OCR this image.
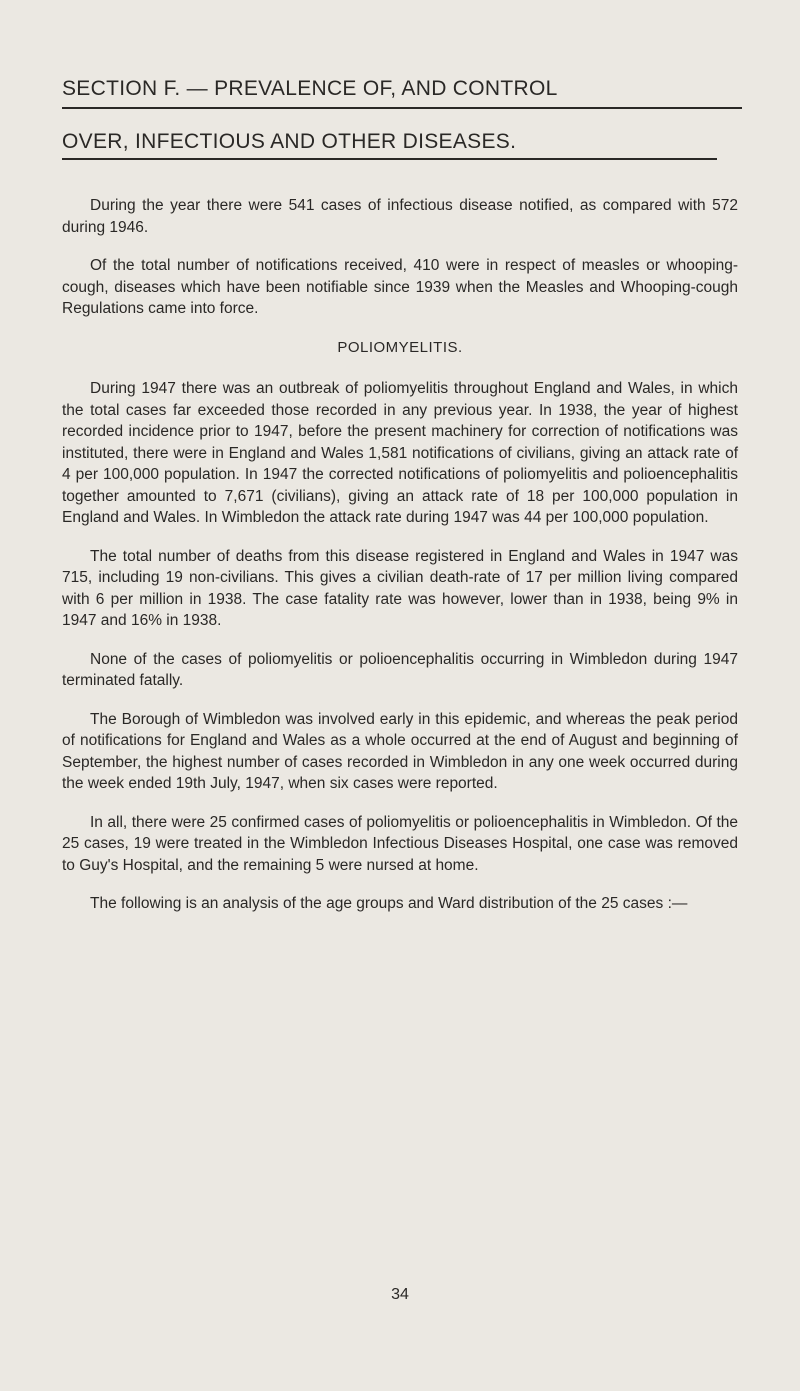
SECTION F. — PREVALENCE OF, AND CONTROL
OVER, INFECTIOUS AND OTHER DISEASES.

During the year there were 541 cases of infectious disease notified, as compared with 572 during 1946.

Of the total number of notifications received, 410 were in respect of measles or whooping-cough, diseases which have been notifiable since 1939 when the Measles and Whooping-cough Regulations came into force.

POLIOMYELITIS.

During 1947 there was an outbreak of poliomyelitis throughout England and Wales, in which the total cases far exceeded those recorded in any previous year. In 1938, the year of highest recorded incidence prior to 1947, before the present machinery for correction of notifications was instituted, there were in England and Wales 1,581 notifications of civilians, giving an attack rate of 4 per 100,000 population. In 1947 the corrected notifications of poliomyelitis and polioencephalitis together amounted to 7,671 (civilians), giving an attack rate of 18 per 100,000 population in England and Wales. In Wimbledon the attack rate during 1947 was 44 per 100,000 population.

The total number of deaths from this disease registered in England and Wales in 1947 was 715, including 19 non-civilians. This gives a civilian death-rate of 17 per million living compared with 6 per million in 1938. The case fatality rate was however, lower than in 1938, being 9% in 1947 and 16% in 1938.

None of the cases of poliomyelitis or polioencephalitis occurring in Wimbledon during 1947 terminated fatally.

The Borough of Wimbledon was involved early in this epidemic, and whereas the peak period of notifications for England and Wales as a whole occurred at the end of August and beginning of September, the highest number of cases recorded in Wimbledon in any one week occurred during the week ended 19th July, 1947, when six cases were reported.

In all, there were 25 confirmed cases of poliomyelitis or polioencephalitis in Wimbledon. Of the 25 cases, 19 were treated in the Wimbledon Infectious Diseases Hospital, one case was removed to Guy's Hospital, and the remaining 5 were nursed at home.

The following is an analysis of the age groups and Ward distribution of the 25 cases :—

34
